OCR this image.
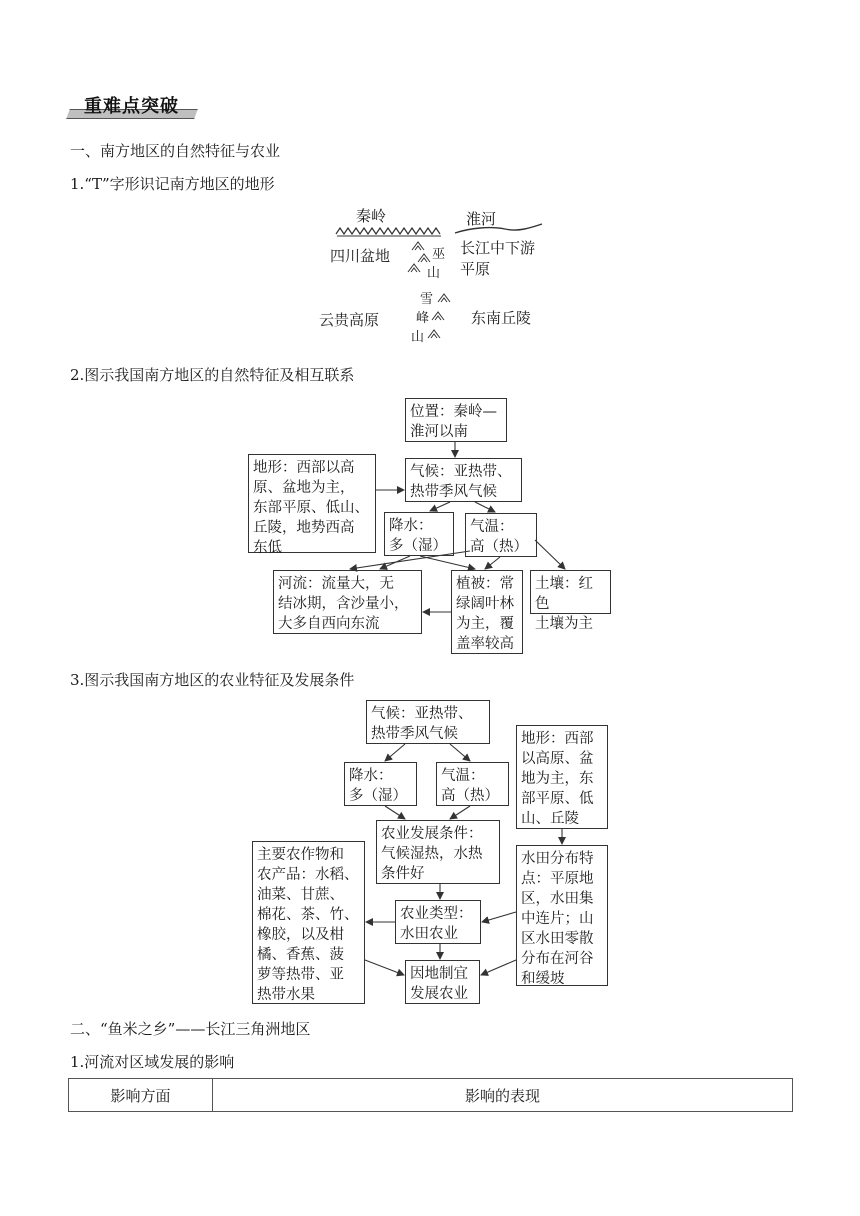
重难点突破
一、南方地区的自然特征与农业
1.“T”字形识记南方地区的地形
秦岭	淮河
四川盆地	巫
山
长江中下游
平原
云贵高原
雪
峰
山
东南丘陵
2.图示我国南方地区的自然特征及相互联系
位置：秦岭—
淮河以南
气候：亚热带、
热带季风气候
地形：西部以高
原、盆地为主，
东部平原、低山、
丘陵，地势西高
东低
降水：
多（湿）
气温：
高（热）
河流：流量大，无
结冰期，含沙量小，
大多自西向东流
植被：常
绿阔叶林
为主，覆
盖率较高
土壤：红色
土壤为主
3.图示我国南方地区的农业特征及发展条件
气候：亚热带、
热带季风气候	地形：西部
以高原、盆
地为主，东
部平原、低
山、丘陵
降水：
多（湿）
气温：
高（热）
农业发展条件：
气候湿热，水热
条件好
主要农作物和
农产品：水稻、
油菜、甘蔗、
棉花、茶、竹、
橡胶，以及柑
橘、香蕉、菠
萝等热带、亚
热带水果
农业类型：
水田农业
水田分布特
点：平原地
区，水田集
中连片；山
区水田零散
分布在河谷
和缓坡
因地制宜
发展农业
二、“鱼米之乡”——长江三角洲地区
1.河流对区域发展的影响
影响方面	影响的表现
